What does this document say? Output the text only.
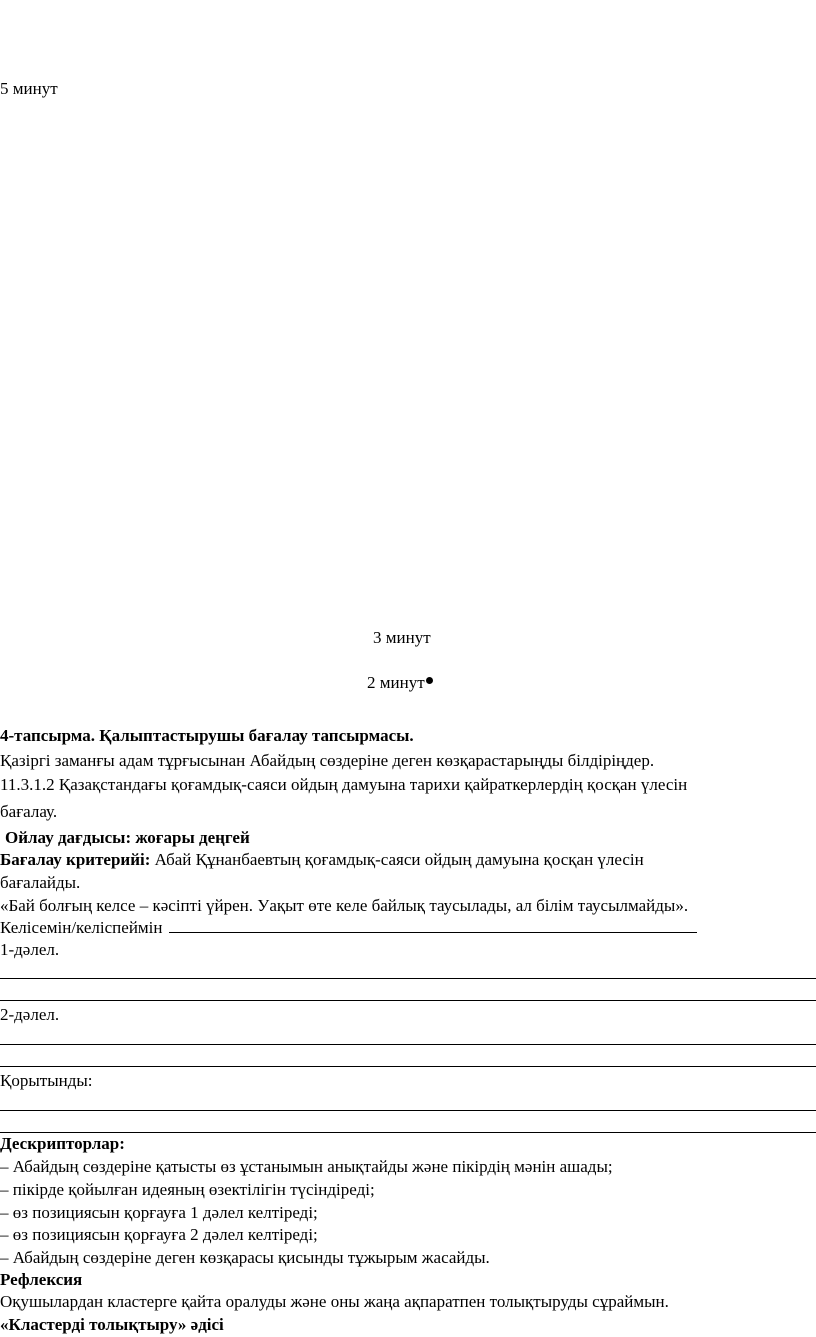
5 минут
3 минут
2 минут
4-тапсырма. Қалыптастырушы бағалау тапсырмасы.
Қазіргі заманғы адам тұрғысынан Абайдың сөздеріне деген көзқарастарыңды білдіріңдер.
11.3.1.2 Қазақстандағы қоғамдық-саяси ойдың дамуына тарихи қайраткерлердің қосқан үлесін
бағалау.
Ойлау дағдысы: жоғары деңгей
Бағалау критерийі: Абай Құнанбаевтың қоғамдық-саяси ойдың дамуына қосқан үлесін
бағалайды.
«Бай болғың келсе – кәсіпті үйрен. Уақыт өте келе байлық таусылады, ал білім таусылмайды».
Келісемін/келіспеймін
1-дәлел.
2-дәлел.
Қорытынды:
Дескрипторлар:
– Абайдың сөздеріне қатысты өз ұстанымын анықтайды және пікірдің мәнін ашады;
– пікірде қойылған идеяның өзектілігін түсіндіреді;
– өз позициясын қорғауға 1 дәлел келтіреді;
– өз позициясын қорғауға 2 дәлел келтіреді;
– Абайдың сөздеріне деген көзқарасы қисынды тұжырым жасайды.
Рефлексия
Оқушылардан кластерге қайта оралуды және оны жаңа ақпаратпен толықтыруды сұраймын.
«Кластерді толықтыру» әдісі
